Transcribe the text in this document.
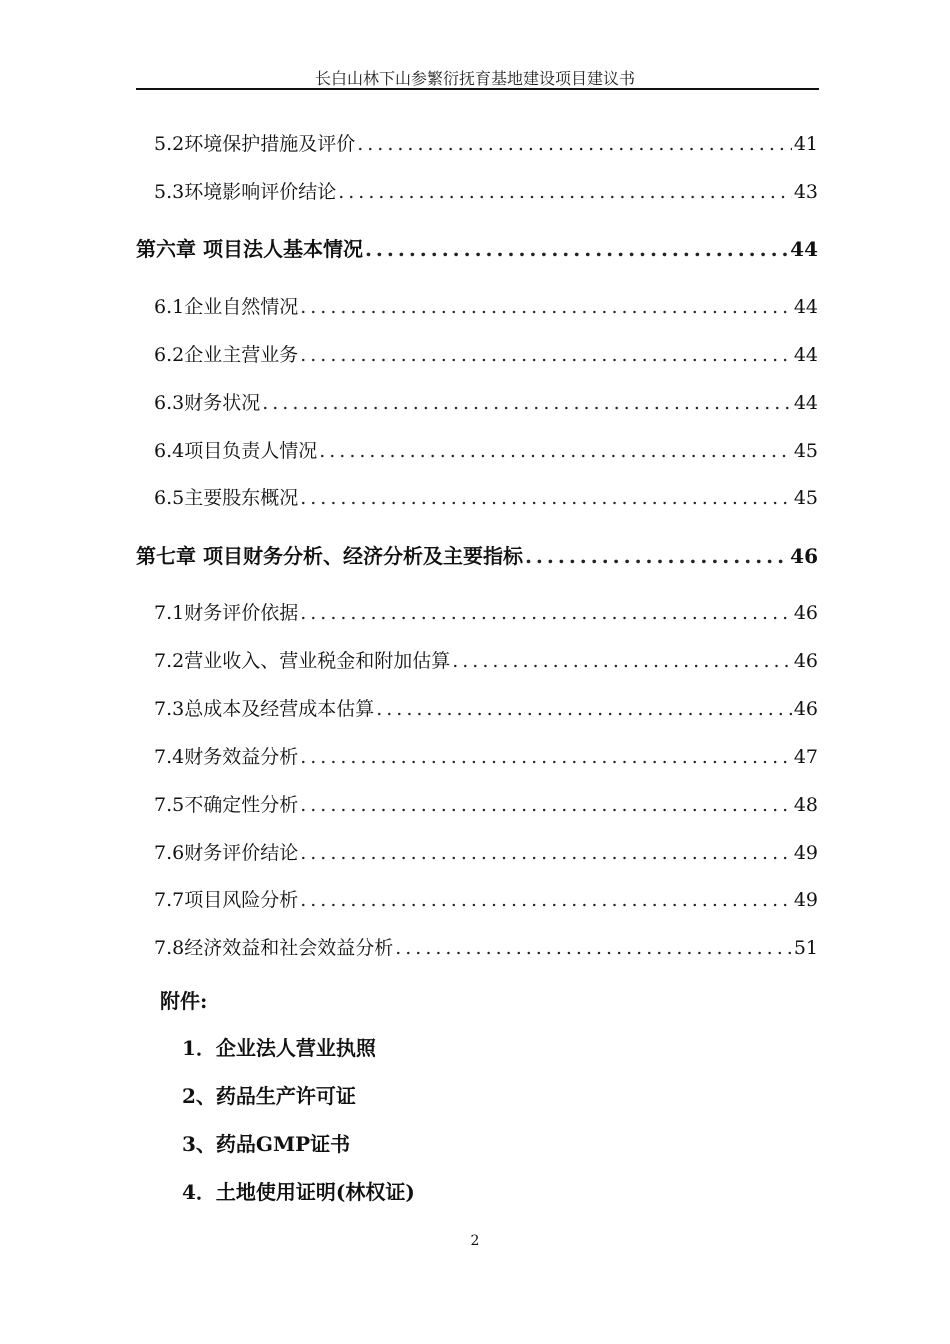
长白山林下山参繁衍抚育基地建设项目建议书
5.2环境保护措施及评价 .....	41
5.3环境影响评价结论 .....	43
第六章 项目法人基本情况 .....	44
6.1企业自然情况 .....	44
6.2企业主营业务 .....	44
6.3财务状况 .....	44
6.4项目负责人情况 .....	45
6.5主要股东概况 .....	45
第七章 项目财务分析、经济分析及主要指标 .....	46
7.1财务评价依据 .....	46
7.2营业收入、营业税金和附加估算 .....	46
7.3总成本及经营成本估算 .....	46
7.4财务效益分析 .....	47
7.5不确定性分析 .....	48
7.6财务评价结论 .....	49
7.7项目风险分析 .....	49
7.8经济效益和社会效益分析 .....	51
附件:
1．企业法人营业执照
2、药品生产许可证
3、药品GMP证书
4．土地使用证明(林权证)
2
